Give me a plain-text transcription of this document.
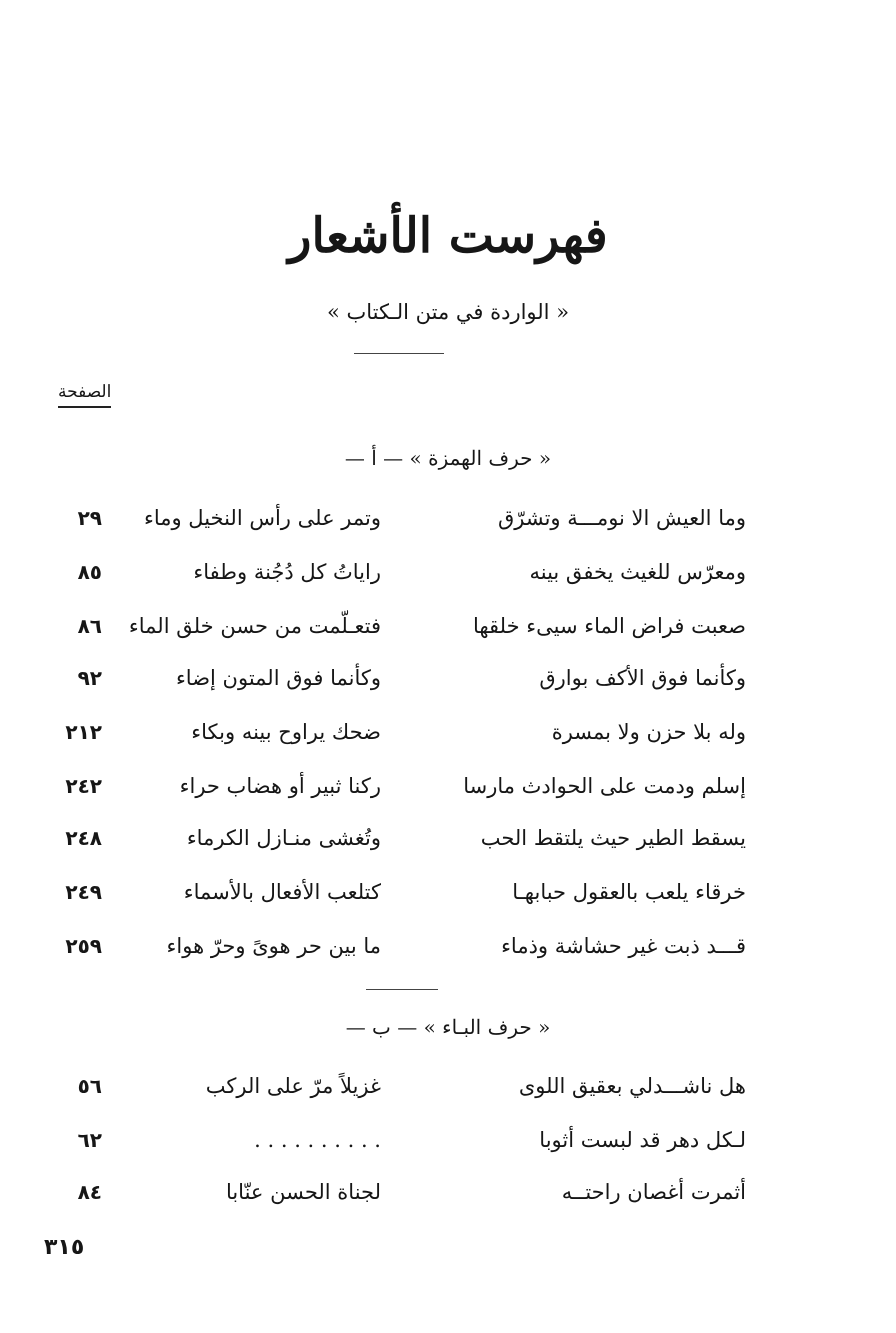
فهرست الأشعار
« الواردة في متن الـكتاب »
الصفحة
« حرف الهمزة » — أ —
وما العيش الا نومـــة وتشرّق
وتمر على رأس النخيل وماء
٢٩
ومعرّس للغيث يخفق بينه
راياتُ كل دُجُنة وطفاء
٨٥
صعبت فراض الماء سيىء خلقها
فتعـلّمت من حسن خلق الماء
٨٦
وكأنما فوق الأكف بوارق
وكأنما فوق المتون إضاء
٩٢
وله بلا حزن ولا بمسرة
ضحك يراوح بينه وبكاء
٢١٢
إسلم ودمت على الحوادث مارسا
ركنا ثبير أو هضاب حراء
٢٤٢
يسقط الطير حيث يلتقط الحب
وتُغشى منـازل الكرماء
٢٤٨
خرقاء يلعب بالعقول حبابهـا
كتلعب الأفعال بالأسماء
٢٤٩
قـــد ذبت غير حشاشة وذماء
ما بين حر هوىً وحرّ هواء
٢٥٩
« حرف البـاء » — ب —
هل ناشـــدلي بعقيق اللوى
غزيلاً مرّ على الركب
٥٦
لـكل دهر قد لبست أثوبا
. . . . . . . . . .
٦٢
أثمرت أغصان راحتــه
لجناة الحسن عنّابا
٨٤
٣١٥
